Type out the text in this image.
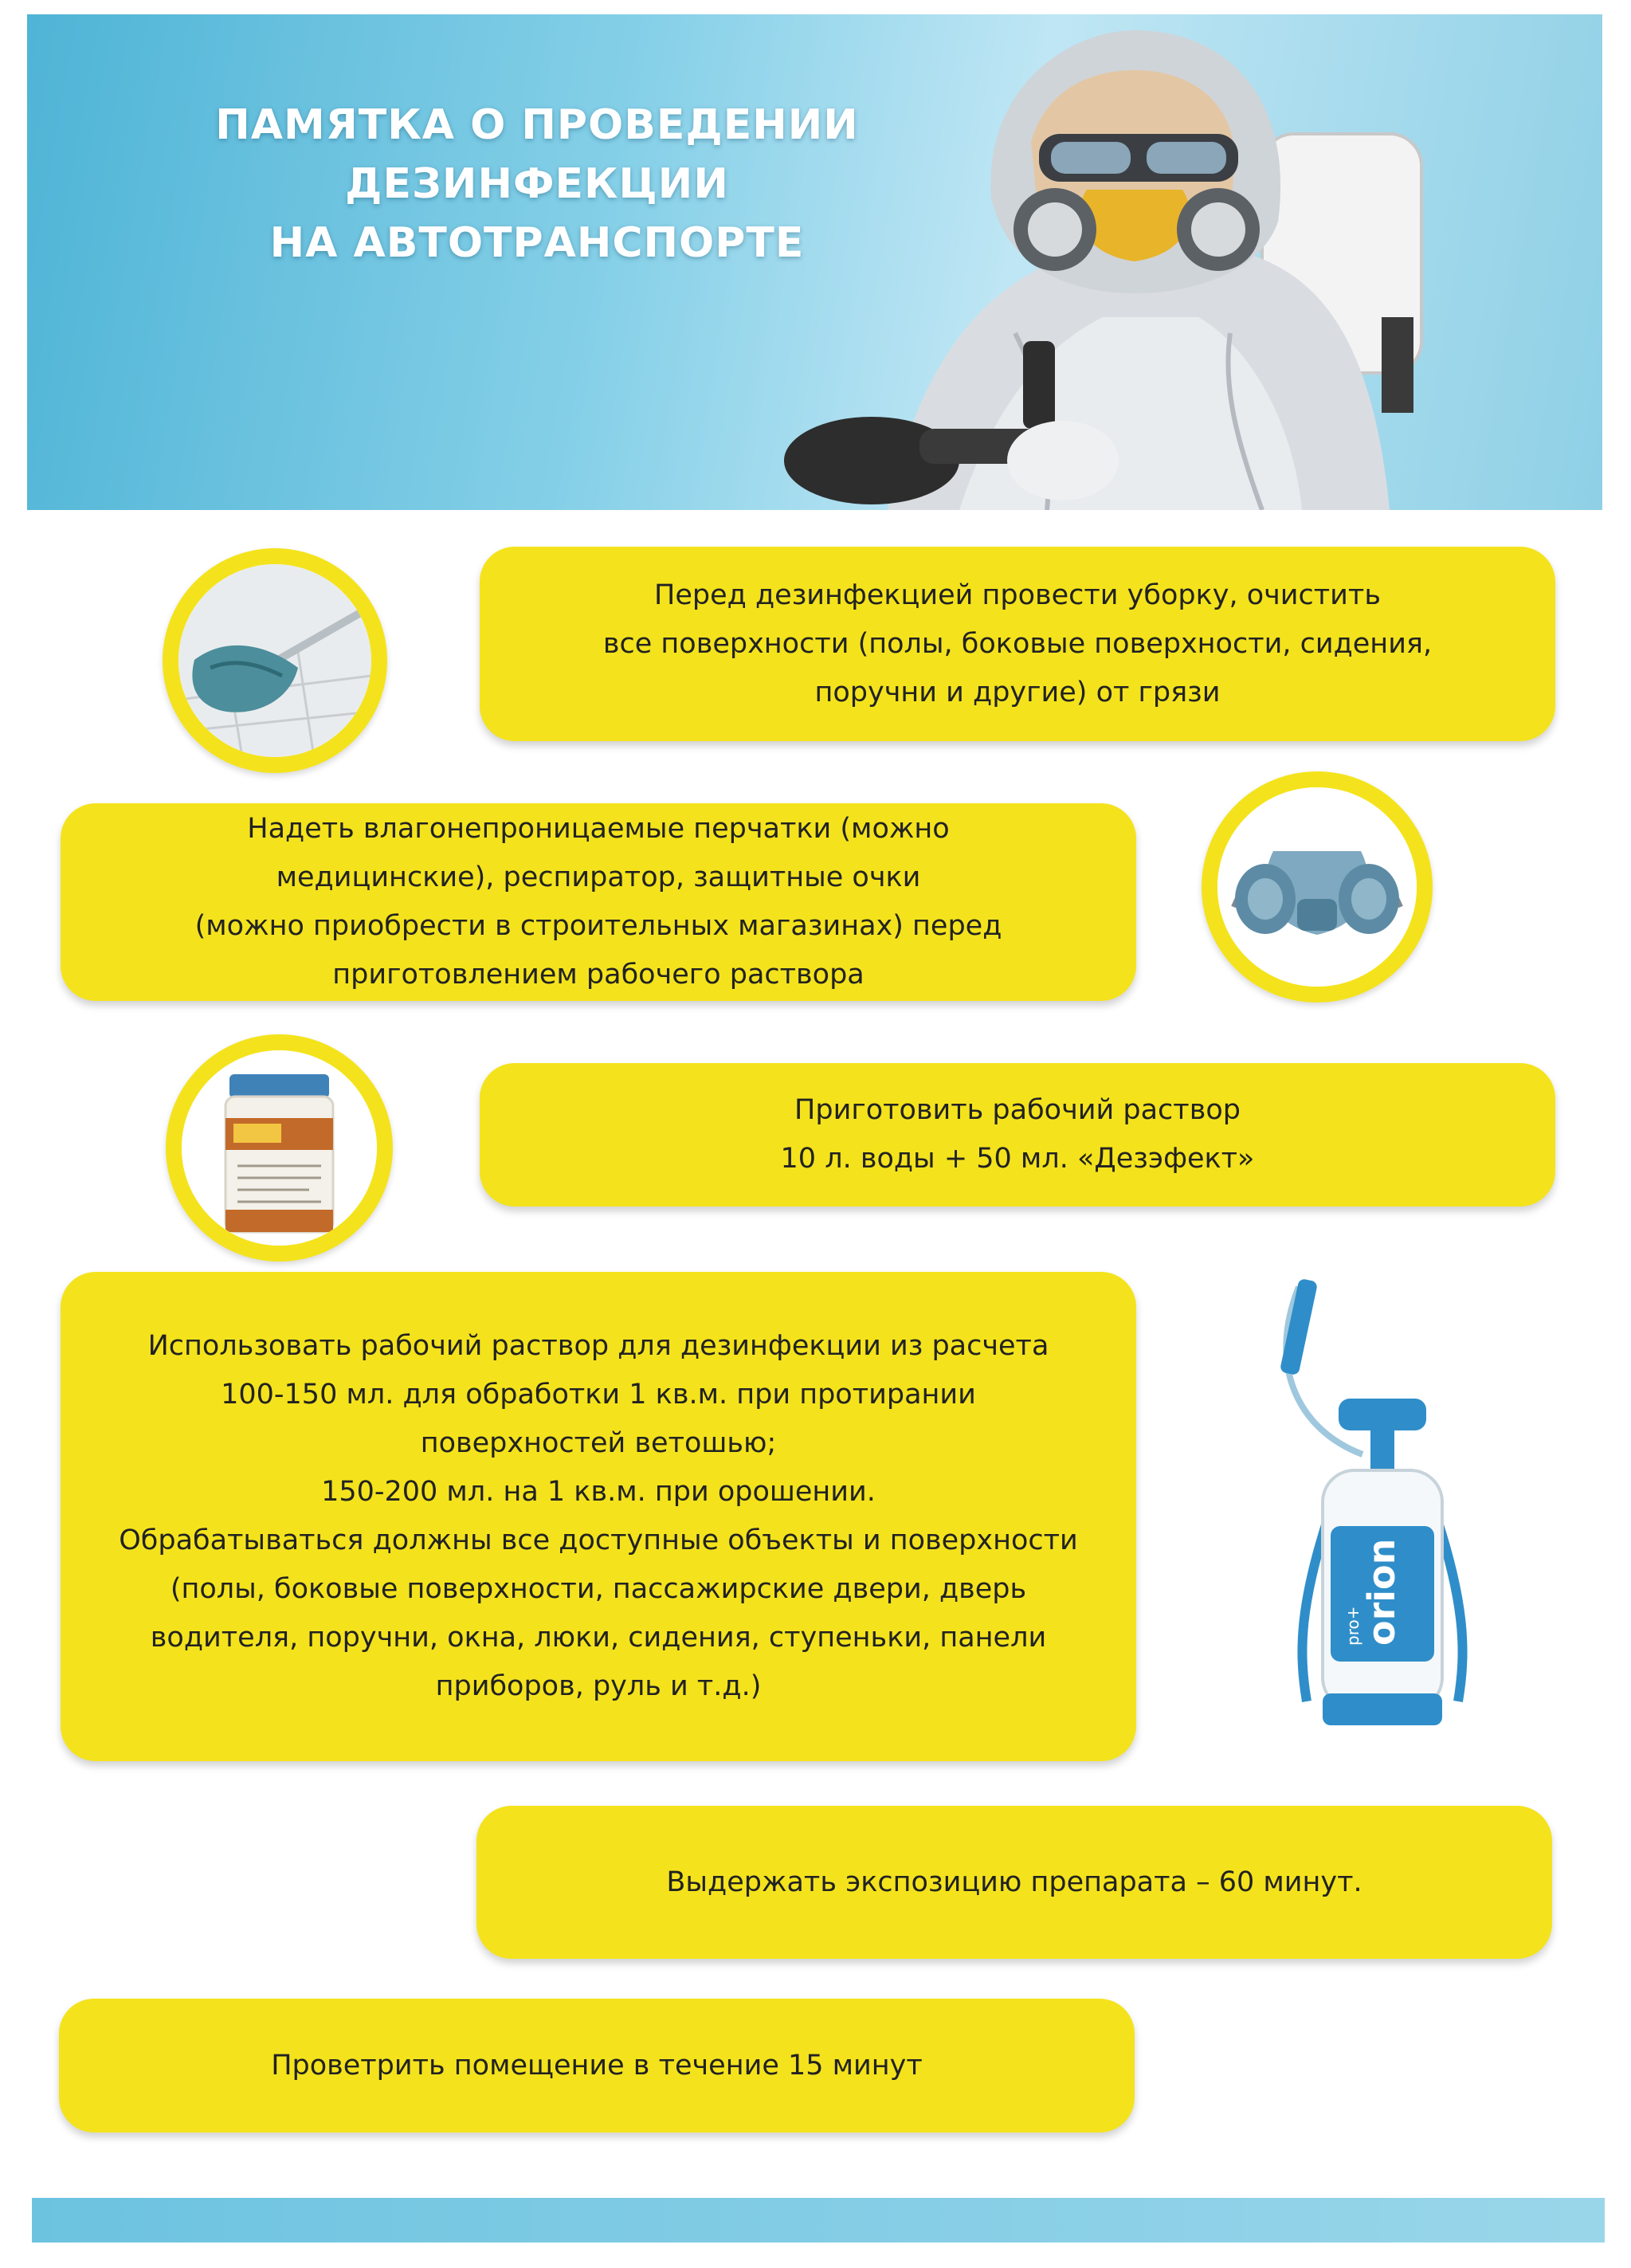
ПАМЯТКА О ПРОВЕДЕНИИ ДЕЗИНФЕКЦИИ
НА АВТОТРАНСПОРТЕ
Перед дезинфекцией провести уборку, очистить
все поверхности (полы, боковые поверхности, сидения,
поручни и другие) от грязи
Надеть влагонепроницаемые перчатки (можно
медицинские), респиратор, защитные очки
(можно приобрести в строительных магазинах) перед
приготовлением рабочего раствора
Приготовить рабочий раствор
10 л. воды + 50 мл. «Дезэфект»
Использовать рабочий раствор для дезинфекции из расчета
100-150 мл. для обработки 1 кв.м. при протирании
поверхностей ветошью;
150-200 мл. на 1 кв.м. при орошении.
Обрабатываться должны все доступные объекты и поверхности
(полы, боковые поверхности, пассажирские двери, дверь
водителя, поручни, окна, люки, сидения, ступеньки, панели
приборов, руль и т.д.)
orion
pro+
Выдержать экспозицию препарата – 60 минут.
Проветрить помещение в течение 15 минут
